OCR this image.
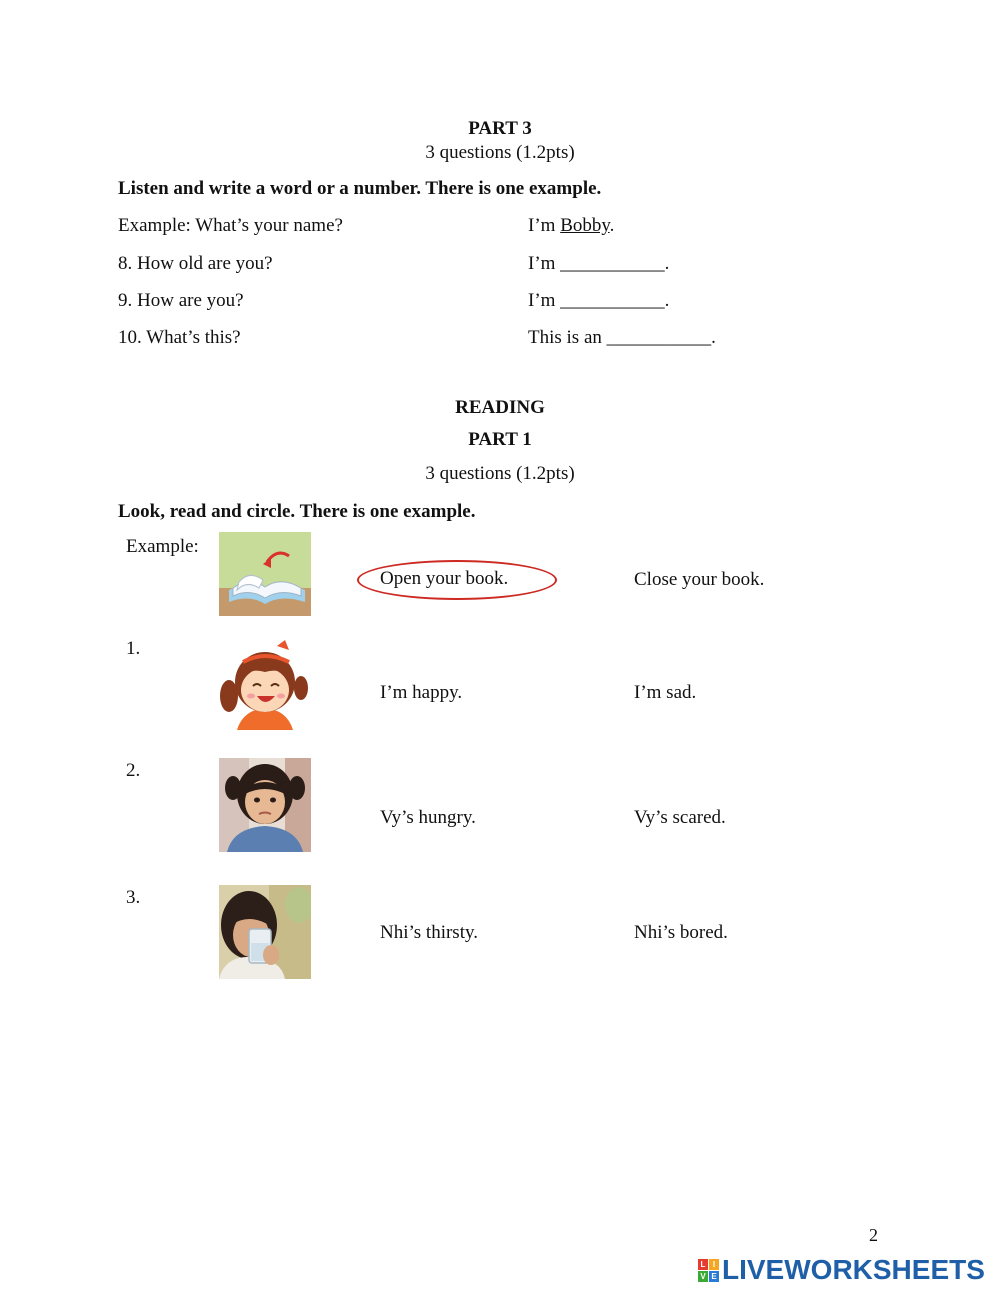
PART 3
3 questions (1.2pts)
Listen and write a word or a number. There is one example.
Example: What’s your name?	I’m Bobby.
8. How old are you?	I’m ___________.
9. How are you?	I’m ___________.
10. What’s this?	This is an ___________.
READING
PART 1
3 questions (1.2pts)
Look, read and circle. There is one example.
Example:
Open your book.	Close your book.
1.
I’m happy.	I’m sad.
2.
Vy’s hungry.	Vy’s scared.
3.
Nhi’s thirsty.	Nhi’s bored.
2
L I
V E LIVEWORKSHEETS
